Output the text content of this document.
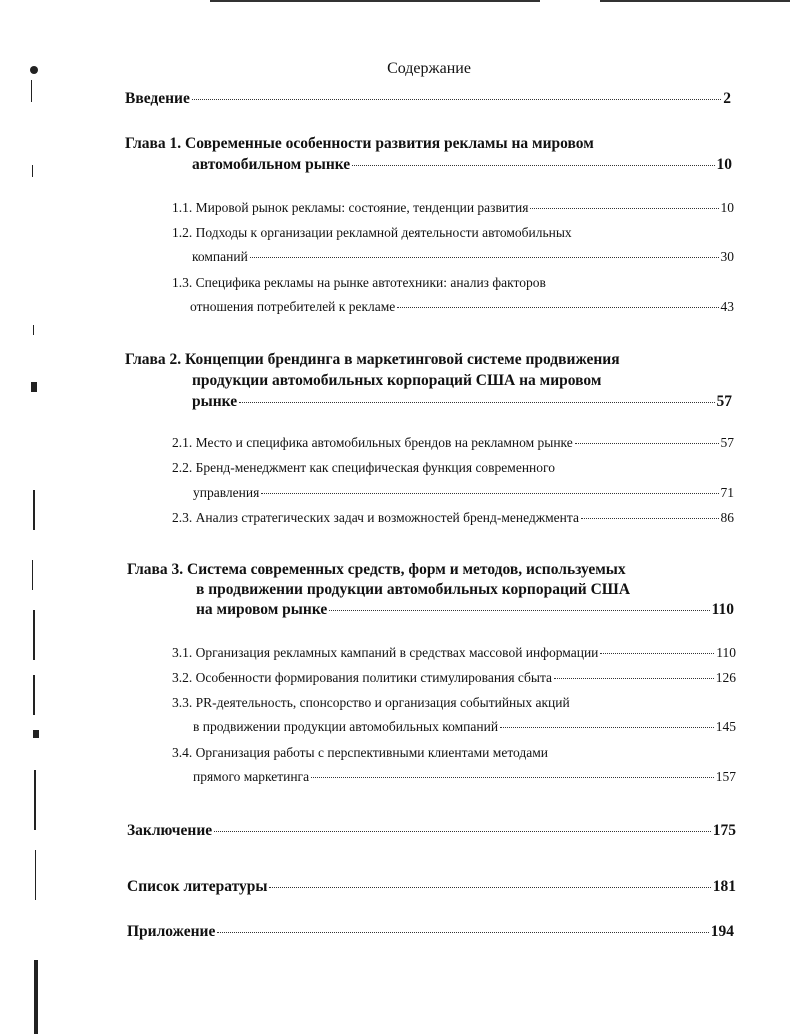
Содержание
Введение	2
Глава 1. Современные особенности развития рекламы на мировом
автомобильном рынке	10
1.1. Мировой рынок рекламы: состояние, тенденции развития	10
1.2. Подходы к организации рекламной деятельности автомобильных
компаний	30
1.3. Специфика рекламы на рынке автотехники: анализ факторов
отношения потребителей к рекламе	43
Глава 2. Концепции брендинга в маркетинговой системе продвижения
продукции автомобильных корпораций США на мировом
рынке	57
2.1. Место и специфика автомобильных брендов на рекламном рынке	57
2.2. Бренд-менеджмент как специфическая функция современного
управления	71
2.3. Анализ стратегических задач и возможностей бренд-менеджмента	86
Глава 3. Система современных средств, форм и методов, используемых
в продвижении продукции автомобильных корпораций США
на мировом рынке	110
3.1. Организация рекламных кампаний в средствах массовой информации	110
3.2. Особенности формирования политики стимулирования сбыта	126
3.3. PR-деятельность, спонсорство и организация событийных акций
в продвижении продукции автомобильных компаний	145
3.4. Организация работы с перспективными клиентами методами
прямого маркетинга	157
Заключение	175
Список литературы	181
Приложение	194
